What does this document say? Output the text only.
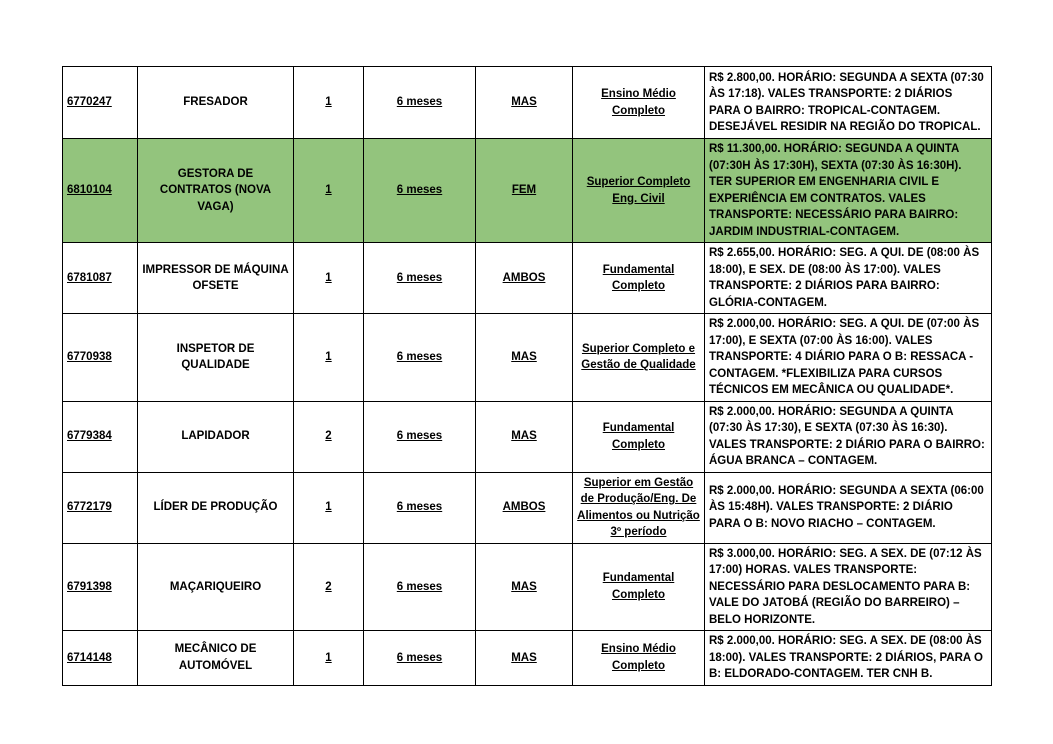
6770247	FRESADOR	1	6 meses	MAS	Ensino Médio Completo	R$ 2.800,00. HORÁRIO: SEGUNDA A SEXTA (07:30 ÀS 17:18). VALES TRANSPORTE: 2 DIÁRIOS PARA O BAIRRO: TROPICAL-CONTAGEM. DESEJÁVEL RESIDIR NA REGIÃO DO TROPICAL.
6810104	GESTORA DE CONTRATOS (NOVA VAGA)	1	6 meses	FEM	Superior Completo Eng. Civil	R$ 11.300,00. HORÁRIO: SEGUNDA A QUINTA (07:30H ÀS 17:30H), SEXTA (07:30 ÀS 16:30H). TER SUPERIOR EM ENGENHARIA CIVIL E EXPERIÊNCIA EM CONTRATOS. VALES TRANSPORTE: NECESSÁRIO PARA BAIRRO: JARDIM INDUSTRIAL-CONTAGEM.
6781087	IMPRESSOR DE MÁQUINA OFSETE	1	6 meses	AMBOS	Fundamental Completo	R$ 2.655,00. HORÁRIO: SEG. A QUI. DE (08:00 ÀS 18:00), E SEX. DE (08:00 ÀS 17:00). VALES TRANSPORTE: 2 DIÁRIOS PARA BAIRRO: GLÓRIA-CONTAGEM.
6770938	INSPETOR DE QUALIDADE	1	6 meses	MAS	Superior Completo e Gestão de Qualidade	R$ 2.000,00. HORÁRIO: SEG. A QUI. DE (07:00 ÀS 17:00), E SEXTA (07:00 ÀS 16:00). VALES TRANSPORTE: 4 DIÁRIO PARA O B: RESSACA - CONTAGEM. *FLEXIBILIZA PARA CURSOS TÉCNICOS EM MECÂNICA OU QUALIDADE*.
6779384	LAPIDADOR	2	6 meses	MAS	Fundamental Completo	R$ 2.000,00. HORÁRIO: SEGUNDA A QUINTA (07:30 ÀS 17:30), E SEXTA (07:30 ÀS 16:30). VALES TRANSPORTE: 2 DIÁRIO PARA O BAIRRO: ÁGUA BRANCA – CONTAGEM.
6772179	LÍDER DE PRODUÇÃO	1	6 meses	AMBOS	Superior em Gestão de Produção/Eng. De Alimentos ou Nutrição 3º período	R$ 2.000,00. HORÁRIO: SEGUNDA A SEXTA (06:00 ÀS 15:48H). VALES TRANSPORTE: 2 DIÁRIO PARA O B: NOVO RIACHO – CONTAGEM.
6791398	MAÇARIQUEIRO	2	6 meses	MAS	Fundamental Completo	R$ 3.000,00. HORÁRIO: SEG. A SEX. DE (07:12 ÀS 17:00) HORAS. VALES TRANSPORTE: NECESSÁRIO PARA DESLOCAMENTO PARA B: VALE DO JATOBÁ (REGIÃO DO BARREIRO) – BELO HORIZONTE.
6714148	MECÂNICO DE AUTOMÓVEL	1	6 meses	MAS	Ensino Médio Completo	R$ 2.000,00. HORÁRIO: SEG. A SEX. DE (08:00 ÀS 18:00). VALES TRANSPORTE: 2 DIÁRIOS, PARA O B: ELDORADO-CONTAGEM. TER CNH B.
